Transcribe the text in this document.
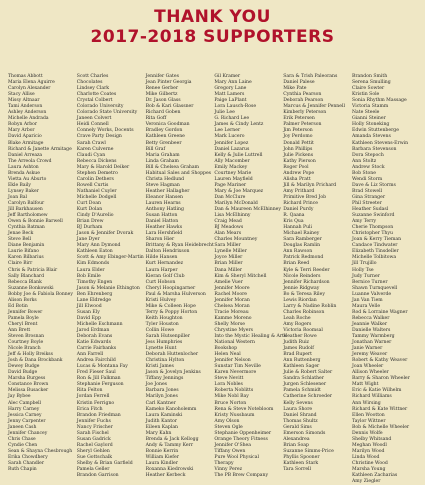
THANK YOU
2017-2018 SUPPORTERS
Thomas Abbott
Maria Elena Aguirre
Carolyn Alexander
Stacy Allise
Missy Altnaar
Tami Anderson
Ashley Anderson
Michelle Andrada
Robyn Arbor
Mary Arbor
David Aparicio
Blake Armitage
Richard & Janette Armitage
Daniel Arreaza
The Arreola Crowd
Laura Ashton
Brenda Askue
Vietta Au Aburto
Ekle Baily
Lynsey Baker
Joan Bal
Carolyn Balfour
Jill Barkhausen
Jeff Bartholomew
Owen & Bonnie Barwell
Cynthia Batman
Jenae Beck
Steve Bell
Diane Benjamin
Laurie Bifano
Karen Bilbarius
Claire Birr
Chris & Patricia Blair
Sally Blanchard
Rebecca Blank
Suzanne Bonkowski
Bobby Joe & Fabiola Bonney
Alison Borks
Ed Botin
Jennifer Bower
Pamela Boyle
Cheryl Brent
Ann Brett
Steven Brosnan
Courtney Boyle
Nicole Branch
Jeff & Holly Breikss
Josh & Dana Brockbank
Dewey Budge
David Budge
Marsha Burgess
Constance Brown
Melissa Busacker
Jay Bybee
Alec Campbell
Harry Carney
Jessica Carney
Jenny Carpenter
Janeen Cash
Jennifer Chancey
Chris Chase
Cyndie Chen
Sean & Shayna Chesbrough
Erika Chowdhery
Sarah Chandler
Ruth Chapin
Scott Charles
Chocolates
Lindsey Clark
Charlotte Coates
Crystal Colbert
Colorado University
Colorado State University
Janeen Colvert
Heidi Connell
Connely Works, Docents
Crave Party Design
Sarah Crawl
Karen Culverne
Claudi Cyan
Rebecca Dickens
Mary & Harold Deiker
Stephen Demetro
Carolin Dethers
Rowell Curtis
Nathaniel Cuyler
Michelle Dodgell
Curt Doan
Kurt Dolan
Cindy D'Aurelio
Brian Drew
BJ Durham
Jason & Jennifer Dvorak
Jane Dyer
Mary Ann Dymond
Kathleen Eaton
Scott & Amy Ebinger-Martin
Kim Edmonds
Laura Elder
Bob Emile
Timothy Engen
Jason & Melanie Ethington
Ben Ehrenberg
Lane Eldredge
Jill Elwood
Susan Ely
David Epp
Michelle Eschmann
Jarod Erdman
Deborah Evans
Katie Edwards
Carrie Fairbanks
Ann Farrell
Andrea Fairchild
Lucas & Montana Fay
Fred Fieser Saul
Ron & Jill Falkman
Stephanie Ferguson
Rita Felton
Jordan Ferrell
Kristin Ferrigno
Erica Fitch
Brandon Friedman
Jennifer Fuchs
Nancy Frischer
Sarah Fischel
Susan Gadrick
Rachel Gaylord
Sheryl Gehlen
Sue Gottschalk
Shelby & Brian Garfield
Pamela Geller
Brandon Garrison
Jennifer Gates
Jean Pinter Georgia
Renee Gerber
Mike Gilbertz
Dr. Jason Glass
Bob & Kari Glassner
Richard Goben
Rita Goff
Veronica Goodman
Bradley Gordon
Kathleen Greene
Betty Grenbeer
Bill Graf
Maria Graham
Linda Graham
Bill & Chelsea Graham
Habitual Sales and Shoppes
Christa Hedlund
Steve Hagman
Heather Hallagher
Eleanor Hansen
Lauren Hearns
Anthony Hatling
Susan Hatton
Daniel Hatton
Heather Hawks
Lara Hershfield
Sharon Hier
Brittany & Ryan Heidebrecht
Dalton Hendrixson
Hilde Hansen
Kurt Hernandez
Laura Harper
Kieran Golf Club
Curt Hobson
Cheryl Hoopingarner
Paul & Marsha Hulverson
Kristi Hulvey
Mike & Colleen Hope
Terry & Poppy Horton
Keith Houghton
Tyler Houston
Collin Howe
Sarah Hutsenpiller
Jess Humphries
Lynette Hunt
Deborah Huttenlocher
Christina Hylton
Kristi James
Jason & Jovelyn Jenkins
Tiffany Jennings
Joe Jones
Barbara Jones
Marilyn Jones
Carl Kantner
Kameko Kanoholemm
Laura Kaminski
Judith Kantor
Eileen Kaplan
Mary Kahn
Brenda & Jack Kellogg
Andy & Tammy Kerr
Bonnie Kerrin
William Kiefer
Laura Kindler
Roxanna Kiedrowski
Heather Kerbeck
Gil Kramer
Mary Ann Laine
Gregory Lane
Matt Lamers
Paige LaPlant
Lora Lausch-Rose
Julie Lee
G. Richard Lee
James & Cindy Lentz
Lee Lerner
Mark Lucero
Jennifer Lopez
Daniel Lazarus
Kelly & Julie Luttrell
Ally Macomber
Emily Mackey
Courtney Marie
Lauren Mayfield
Page Mariner
Mary & Joe Marquez
Dan McClure
Marilyn McDonald
Dan & Maureen McElhinney
Lisa McElhinny
Craig Mead
BJ Meadows
Alan Mears
Charles Mountney
Sara Miller
Lynelle Miller
Joyce Miller
Brian Miller
Dana Miller
Kim & Sheryl Mitchell
Amelie Vuer
Jennifer Moore
Rachel Moore
Jennifer Moran
Chelsea Moran
Tracie Moreau
Kamme Moreno
Shelly Morse
Chrystine Myers
Into the Mystic Healing & Arts
National Western
Bookshop
Helen Neal
Jennifer Nelson
Sunstar Tim Neville
Karen Nevermore
Steve Nevitt
Lora Nobles
Roberta Noblitts
Mike Nobl Bay
Bruce Norton
Rena & Steve Notebloom
Kristy Nussbaum
Amy Olson
Steven Ogle
Stephanie Oppenheimer
Orange Theory Fitness
Jennifer O'Shea
Tiffany Owen
Pure Wool Physical
Therapy
Vinny Perez
The PB Brew Company
Sara & Trish Paleorans
Daniel Palese
Mike Pate
Cynthia Pearson
Deborah Pearson
Marcus & Jennifer Pennell
Kimberly Peterson
Erik Petersen
Palmer Peterson
Jim Peterson
Joy Perdomo
Donald Pettit
John Phillips
Julie Pickens
Kathy Pierson
Roger Pool
Andrew Pope
Alisha Pratt
Jill & Marilyn Prichard
Amy Prithard
Primitive Bred Job
Richard Prince
Daniel Purdy
R. Qaana
Kris Qua
Hannah Puli
Michael Rainey
Sara Ramberger
Douglas Ramlin
Ann Rawson
Patrick Redmond
Brian Reed
Kyle & Terri Reeder
Nicole Reinders
Jennifer Richardson
Jennie Ridgway
Bo & Teresa Riley
Lewis Riordan
Larry & Nadine Roblin
Charles Robinson
Leah Roche
Amy Rogers
Victoria Roomsal
Heather Rowe
Judith Ruiz
James Rudolf
Brad Rupert
Ann Ruttenberg
Kathleen Sager
Julie & Robert Salter
Sandra Schlather
Jurgen Schlesener
Pamela Schmidt
Catherine Schroeder
Kelly Sevens
Laura Shore
Daniel Shrand
Thomas Shultz
Gerald Sims
Emerson Simonds
Alexandrea
Brian Soap
Suzanne Simms-Price
Phyllis Spooner
Kathleen Stark
Tara Sorrell
Brandon Smith
Serena Smulling
Claire Sowter
Kristin Sole
Sonia Rhythm Massage
Victoria Stamm
Nate Steele
Gianni Steiner
Holly Stoneking
Edwin Stuttenberge
Amanda Stevens
Kathleen Stevens-Erwin
Barbara Stevenson
Dora Stepoch
Ann Stoltz
Andrew Stock
Bob Stone
Wendi Storm
Dave & Liz Storms
Brad Stowell
Gina Stranger
Phil Streeter
Heather Sudasl
Suzanne Swinford
Amy Terry
Cherie Thompson
Christopher Thyu
Joan & Kerry Tieman
Candace Tindwater
Elizabeth Tinsdeller
Michelle Tolbitowa
Jill Trujillo
Holly Tse
Judy Turner
Bernice Turner
Shawn Turnquevell
Luanne Valverde
Jan Van Tiem
Maura Velle
Rod & Lorraine Wagner
Rebecca Walker
Jeannie Walker
Danielle Walters
Tammy Warmberg
Jonathan Warner
Janie Warner
Jeremy Weaver
Robert & Kathy Weaver
Joan Wheeler
Allison Wheeler
Barry & Sharon Wheeler
Matt Wight
Eric & Katie Wilhelm
Richard Williams
Ann Wirsing
Richard & Kate Wittner
Ellen Wootton
Taylor Wittner
Bob & Michelle Wheeler
Dennis Wolfe
Shelby Whitsand
Meghan Woodl
Marilyn Wood
Linda Wood
Christine Wood
Marsha Young
Kathleen Zacharias
Amy Ziegler
